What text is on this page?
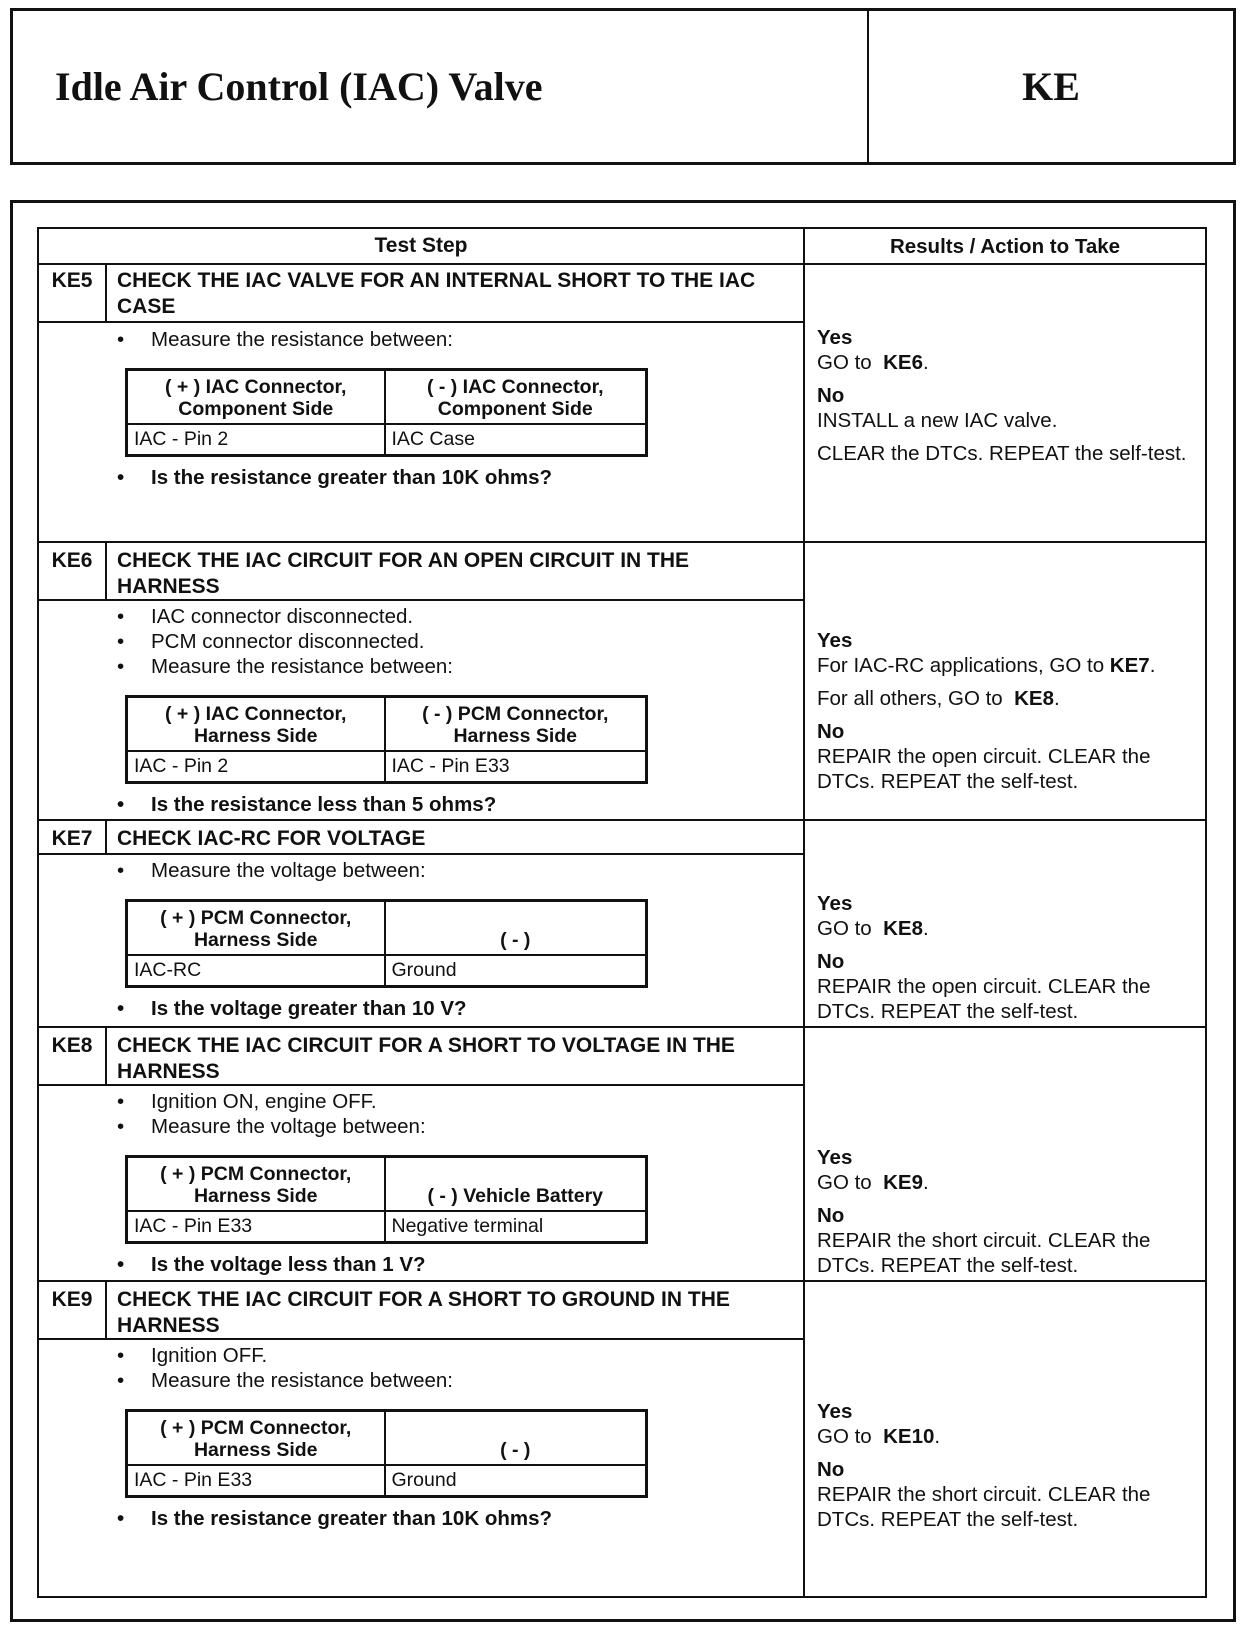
Idle Air Control (IAC) Valve	KE
Test Step	Results / Action to Take
KE5	CHECK THE IAC VALVE FOR AN INTERNAL SHORT TO THE IAC CASE
• Measure the resistance between:
( + ) IAC Connector, Component Side	( - ) IAC Connector, Component Side
IAC - Pin 2	IAC Case
• Is the resistance greater than 10K ohms?
Yes
GO to KE6.
No
INSTALL a new IAC valve.
CLEAR the DTCs. REPEAT the self-test.
KE6	CHECK THE IAC CIRCUIT FOR AN OPEN CIRCUIT IN THE HARNESS
• IAC connector disconnected.
• PCM connector disconnected.
• Measure the resistance between:
( + ) IAC Connector, Harness Side	( - ) PCM Connector, Harness Side
IAC - Pin 2	IAC - Pin E33
• Is the resistance less than 5 ohms?
Yes
For IAC-RC applications, GO to KE7.
For all others, GO to KE8.
No
REPAIR the open circuit. CLEAR the DTCs. REPEAT the self-test.
KE7	CHECK IAC-RC FOR VOLTAGE
• Measure the voltage between:
( + ) PCM Connector, Harness Side	( - )
IAC-RC	Ground
• Is the voltage greater than 10 V?
Yes
GO to KE8.
No
REPAIR the open circuit. CLEAR the DTCs. REPEAT the self-test.
KE8	CHECK THE IAC CIRCUIT FOR A SHORT TO VOLTAGE IN THE HARNESS
• Ignition ON, engine OFF.
• Measure the voltage between:
( + ) PCM Connector, Harness Side	( - ) Vehicle Battery
IAC - Pin E33	Negative terminal
• Is the voltage less than 1 V?
Yes
GO to KE9.
No
REPAIR the short circuit. CLEAR the DTCs. REPEAT the self-test.
KE9	CHECK THE IAC CIRCUIT FOR A SHORT TO GROUND IN THE HARNESS
• Ignition OFF.
• Measure the resistance between:
( + ) PCM Connector, Harness Side	( - )
IAC - Pin E33	Ground
• Is the resistance greater than 10K ohms?
Yes
GO to KE10.
No
REPAIR the short circuit. CLEAR the DTCs. REPEAT the self-test.
